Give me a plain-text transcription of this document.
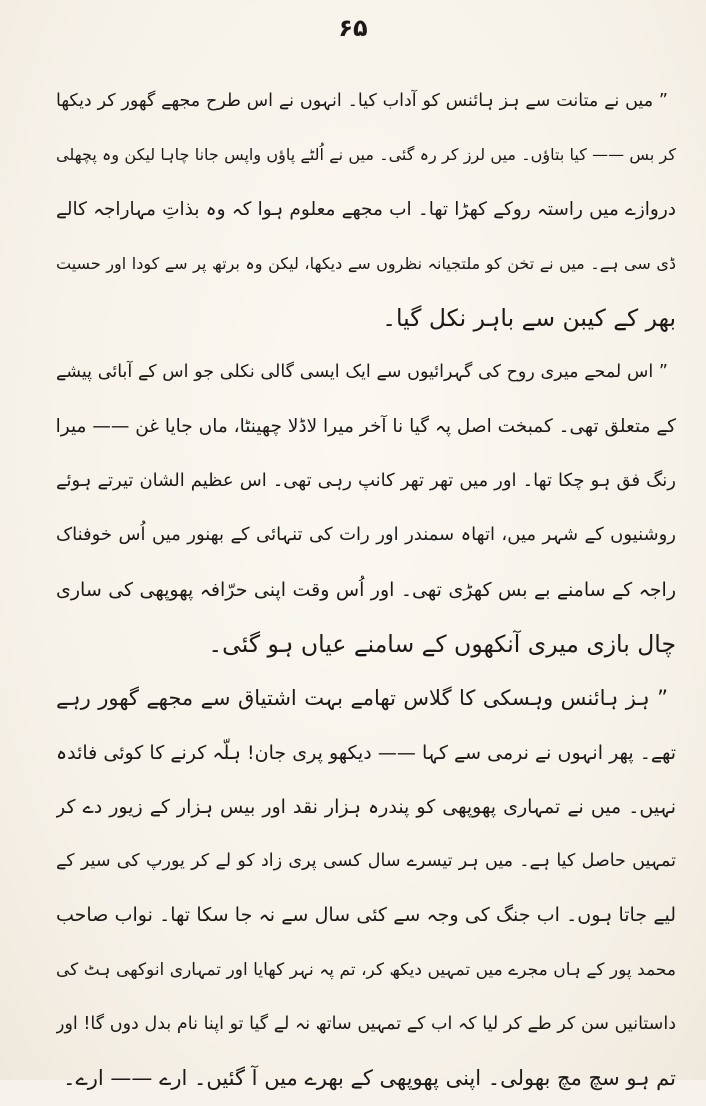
۶۵
” میں نے متانت سے ہز ہائنس کو آداب کیا۔ انہوں نے اس طرح مجھے گھور کر دیکھا
کر بس —— کیا بتاؤں۔ میں لرز کر رہ گئی۔ میں نے اُلٹے پاؤں واپس جانا چاہا لیکن وہ پچھلی
دروازے میں راستہ روکے کھڑا تھا۔ اب مجھے معلوم ہوا کہ وہ بذاتِ مہاراجہ کالے
ڈی سی ہے۔ میں نے تخن کو ملتجیانہ نظروں سے دیکھا، لیکن وہ برتھ پر سے کودا اور حسیت
بھر کے کیبن سے باہر نکل گیا۔
” اس لمحے میری روح کی گہرائیوں سے ایک ایسی گالی نکلی جو اس کے آبائی پیشے
کے متعلق تھی۔ کمبخت اصل پہ گیا نا آخر میرا لاڈلا چھینٹا، ماں جایا غن —— میرا
رنگ فق ہو چکا تھا۔ اور میں تھر تھر کانپ رہی تھی۔ اس عظیم الشان تیرتے ہوئے
روشنیوں کے شہر میں، اتھاہ سمندر اور رات کی تنہائی کے بھنور میں اُس خوفناک
راجہ کے سامنے بے بس کھڑی تھی۔ اور اُس وقت اپنی حرّافہ پھوپھی کی ساری
چال بازی میری آنکھوں کے سامنے عیاں ہو گئی۔
” ہز ہائنس وہسکی کا گلاس تھامے بہت اشتیاق سے مجھے گھور رہے
تھے۔ پھر انہوں نے نرمی سے کہا —— دیکھو پری جان! ہلّہ کرنے کا کوئی فائدہ
نہیں۔ میں نے تمہاری پھوپھی کو پندرہ ہزار نقد اور بیس ہزار کے زیور دے کر
تمہیں حاصل کیا ہے۔ میں ہر تیسرے سال کسی پری زاد کو لے کر یورپ کی سیر کے
لیے جاتا ہوں۔ اب جنگ کی وجہ سے کئی سال سے نہ جا سکا تھا۔ نواب صاحب
محمد پور کے ہاں مجرے میں تمہیں دیکھ کر، تم پہ نہر کھایا اور تمہاری انوکھی ہٹ کی
داستانیں سن کر طے کر لیا کہ اب کے تمہیں ساتھ نہ لے گیا تو اپنا نام بدل دوں گا! اور
تم ہو سچ مچ بھولی۔ اپنی پھوپھی کے بھرے میں آ گئیں۔ ارے —— ارے۔
